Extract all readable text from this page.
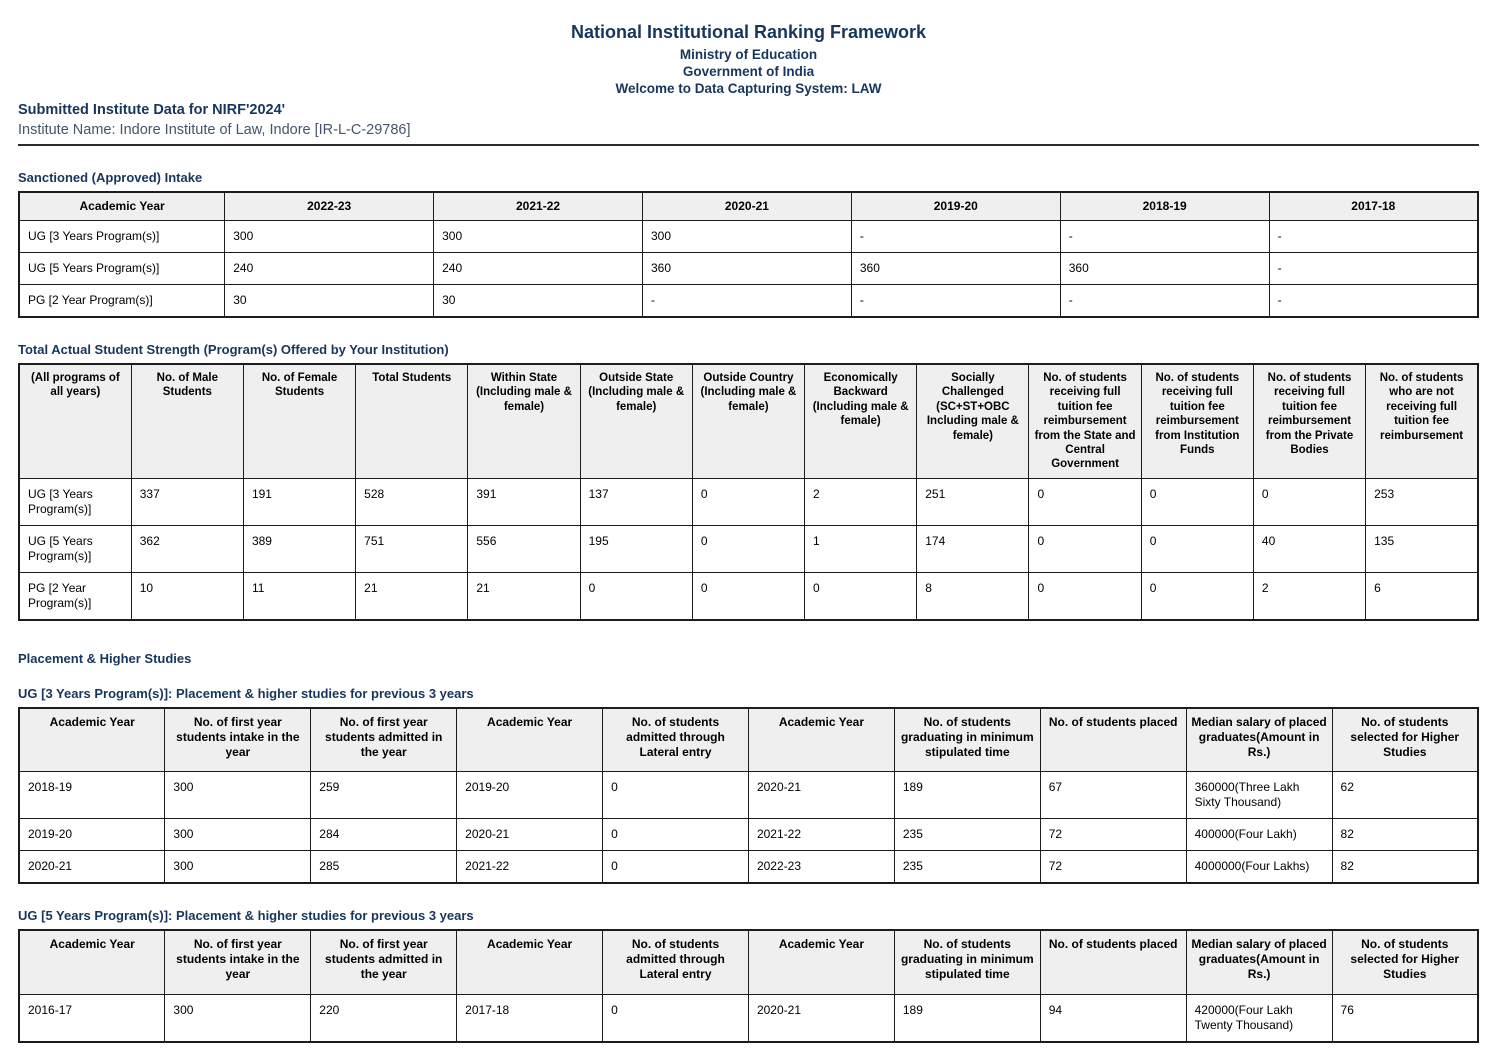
National Institutional Ranking Framework
Ministry of Education
Government of India
Welcome to Data Capturing System: LAW
Submitted Institute Data for NIRF'2024'
Institute Name: Indore Institute of Law, Indore [IR-L-C-29786]
Sanctioned (Approved) Intake
Academic Year	2022-23	2021-22	2020-21	2019-20	2018-19	2017-18
UG [3 Years Program(s)]	300	300	300	-	-	-
UG [5 Years Program(s)]	240	240	360	360	360	-
PG [2 Year Program(s)]	30	30	-	-	-	-
Total Actual Student Strength (Program(s) Offered by Your Institution)
(All programs of all years)	No. of Male Students	No. of Female Students	Total Students	Within State (Including male & female)	Outside State (Including male & female)	Outside Country (Including male & female)	Economically Backward (Including male & female)	Socially Challenged (SC+ST+OBC Including male & female)	No. of students receiving full tuition fee reimbursement from the State and Central Government	No. of students receiving full tuition fee reimbursement from Institution Funds	No. of students receiving full tuition fee reimbursement from the Private Bodies	No. of students who are not receiving full tuition fee reimbursement
UG [3 Years Program(s)]	337	191	528	391	137	0	2	251	0	0	0	253
UG [5 Years Program(s)]	362	389	751	556	195	0	1	174	0	0	40	135
PG [2 Year Program(s)]	10	11	21	21	0	0	0	8	0	0	2	6
Placement & Higher Studies
UG [3 Years Program(s)]: Placement & higher studies for previous 3 years
Academic Year	No. of first year students intake in the year	No. of first year students admitted in the year	Academic Year	No. of students admitted through Lateral entry	Academic Year	No. of students graduating in minimum stipulated time	No. of students placed	Median salary of placed graduates(Amount in Rs.)	No. of students selected for Higher Studies
2018-19	300	259	2019-20	0	2020-21	189	67	360000(Three Lakh Sixty Thousand)	62
2019-20	300	284	2020-21	0	2021-22	235	72	400000(Four Lakh)	82
2020-21	300	285	2021-22	0	2022-23	235	72	4000000(Four Lakhs)	82
UG [5 Years Program(s)]: Placement & higher studies for previous 3 years
Academic Year	No. of first year students intake in the year	No. of first year students admitted in the year	Academic Year	No. of students admitted through Lateral entry	Academic Year	No. of students graduating in minimum stipulated time	No. of students placed	Median salary of placed graduates(Amount in Rs.)	No. of students selected for Higher Studies
2016-17	300	220	2017-18	0	2020-21	189	94	420000(Four Lakh Twenty Thousand)	76
